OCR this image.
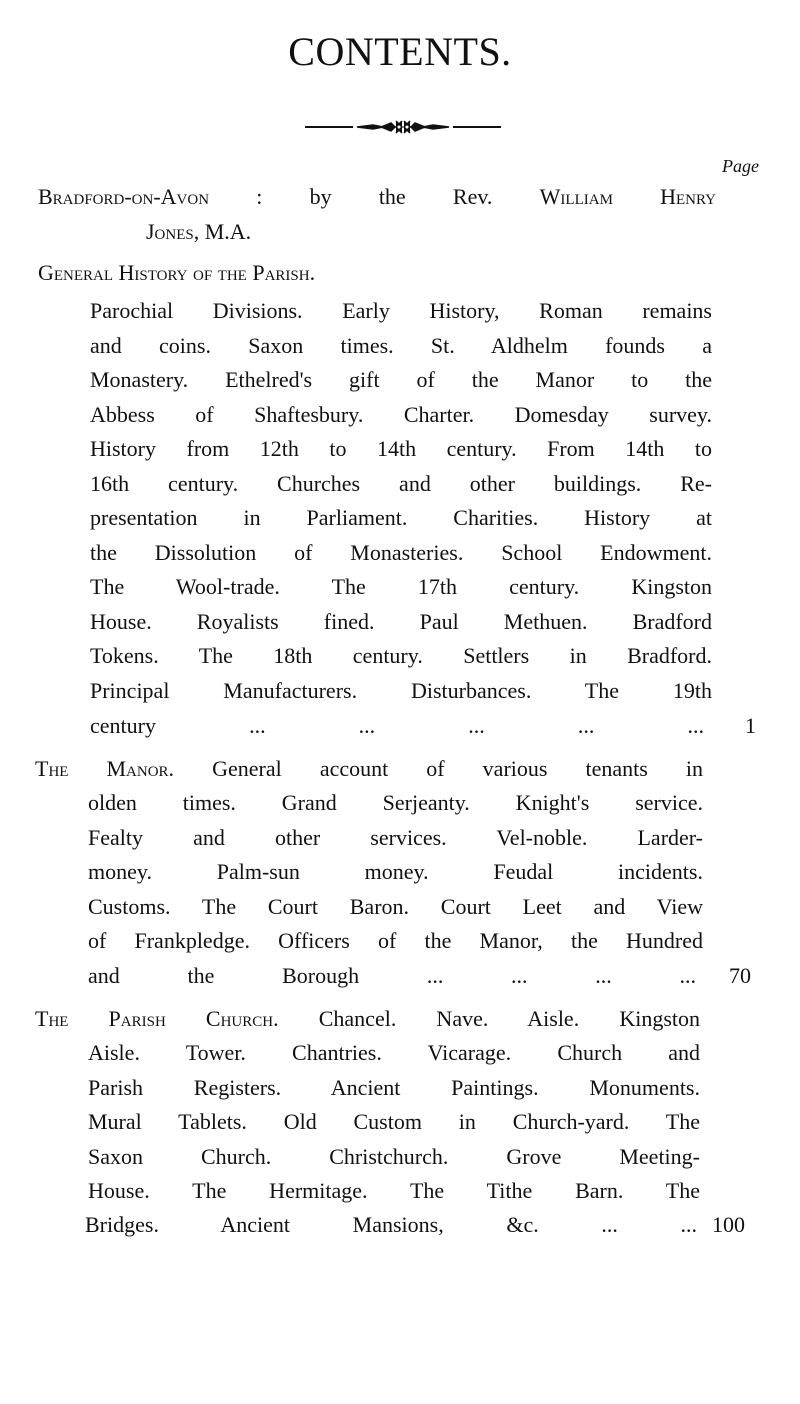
CONTENTS.
Page
Bradford-on-Avon : by the Rev. William Henry
Jones, M.A.
General History of the Parish.
Parochial Divisions. Early History, Roman remains
and coins. Saxon times. St. Aldhelm founds a
Monastery. Ethelred's gift of the Manor to the
Abbess of Shaftesbury. Charter. Domesday survey.
History from 12th to 14th century. From 14th to
16th century. Churches and other buildings. Re-
presentation in Parliament. Charities. History at
the Dissolution of Monasteries. School Endowment.
The Wool-trade. The 17th century. Kingston
House. Royalists fined. Paul Methuen. Bradford
Tokens. The 18th century. Settlers in Bradford.
Principal Manufacturers. Disturbances. The 19th
century ... ... ... ... ... 1
The Manor. General account of various tenants in
olden times. Grand Serjeanty. Knight's service.
Fealty and other services. Vel-noble. Larder-
money. Palm-sun money. Feudal incidents.
Customs. The Court Baron. Court Leet and View
of Frankpledge. Officers of the Manor, the Hundred
and the Borough ... ... ... ... 70
The Parish Church. Chancel. Nave. Aisle. Kingston
Aisle. Tower. Chantries. Vicarage. Church and
Parish Registers. Ancient Paintings. Monuments.
Mural Tablets. Old Custom in Church-yard. The
Saxon Church. Christchurch. Grove Meeting-
House. The Hermitage. The Tithe Barn. The
Bridges. Ancient Mansions, &c. ... ... 100
